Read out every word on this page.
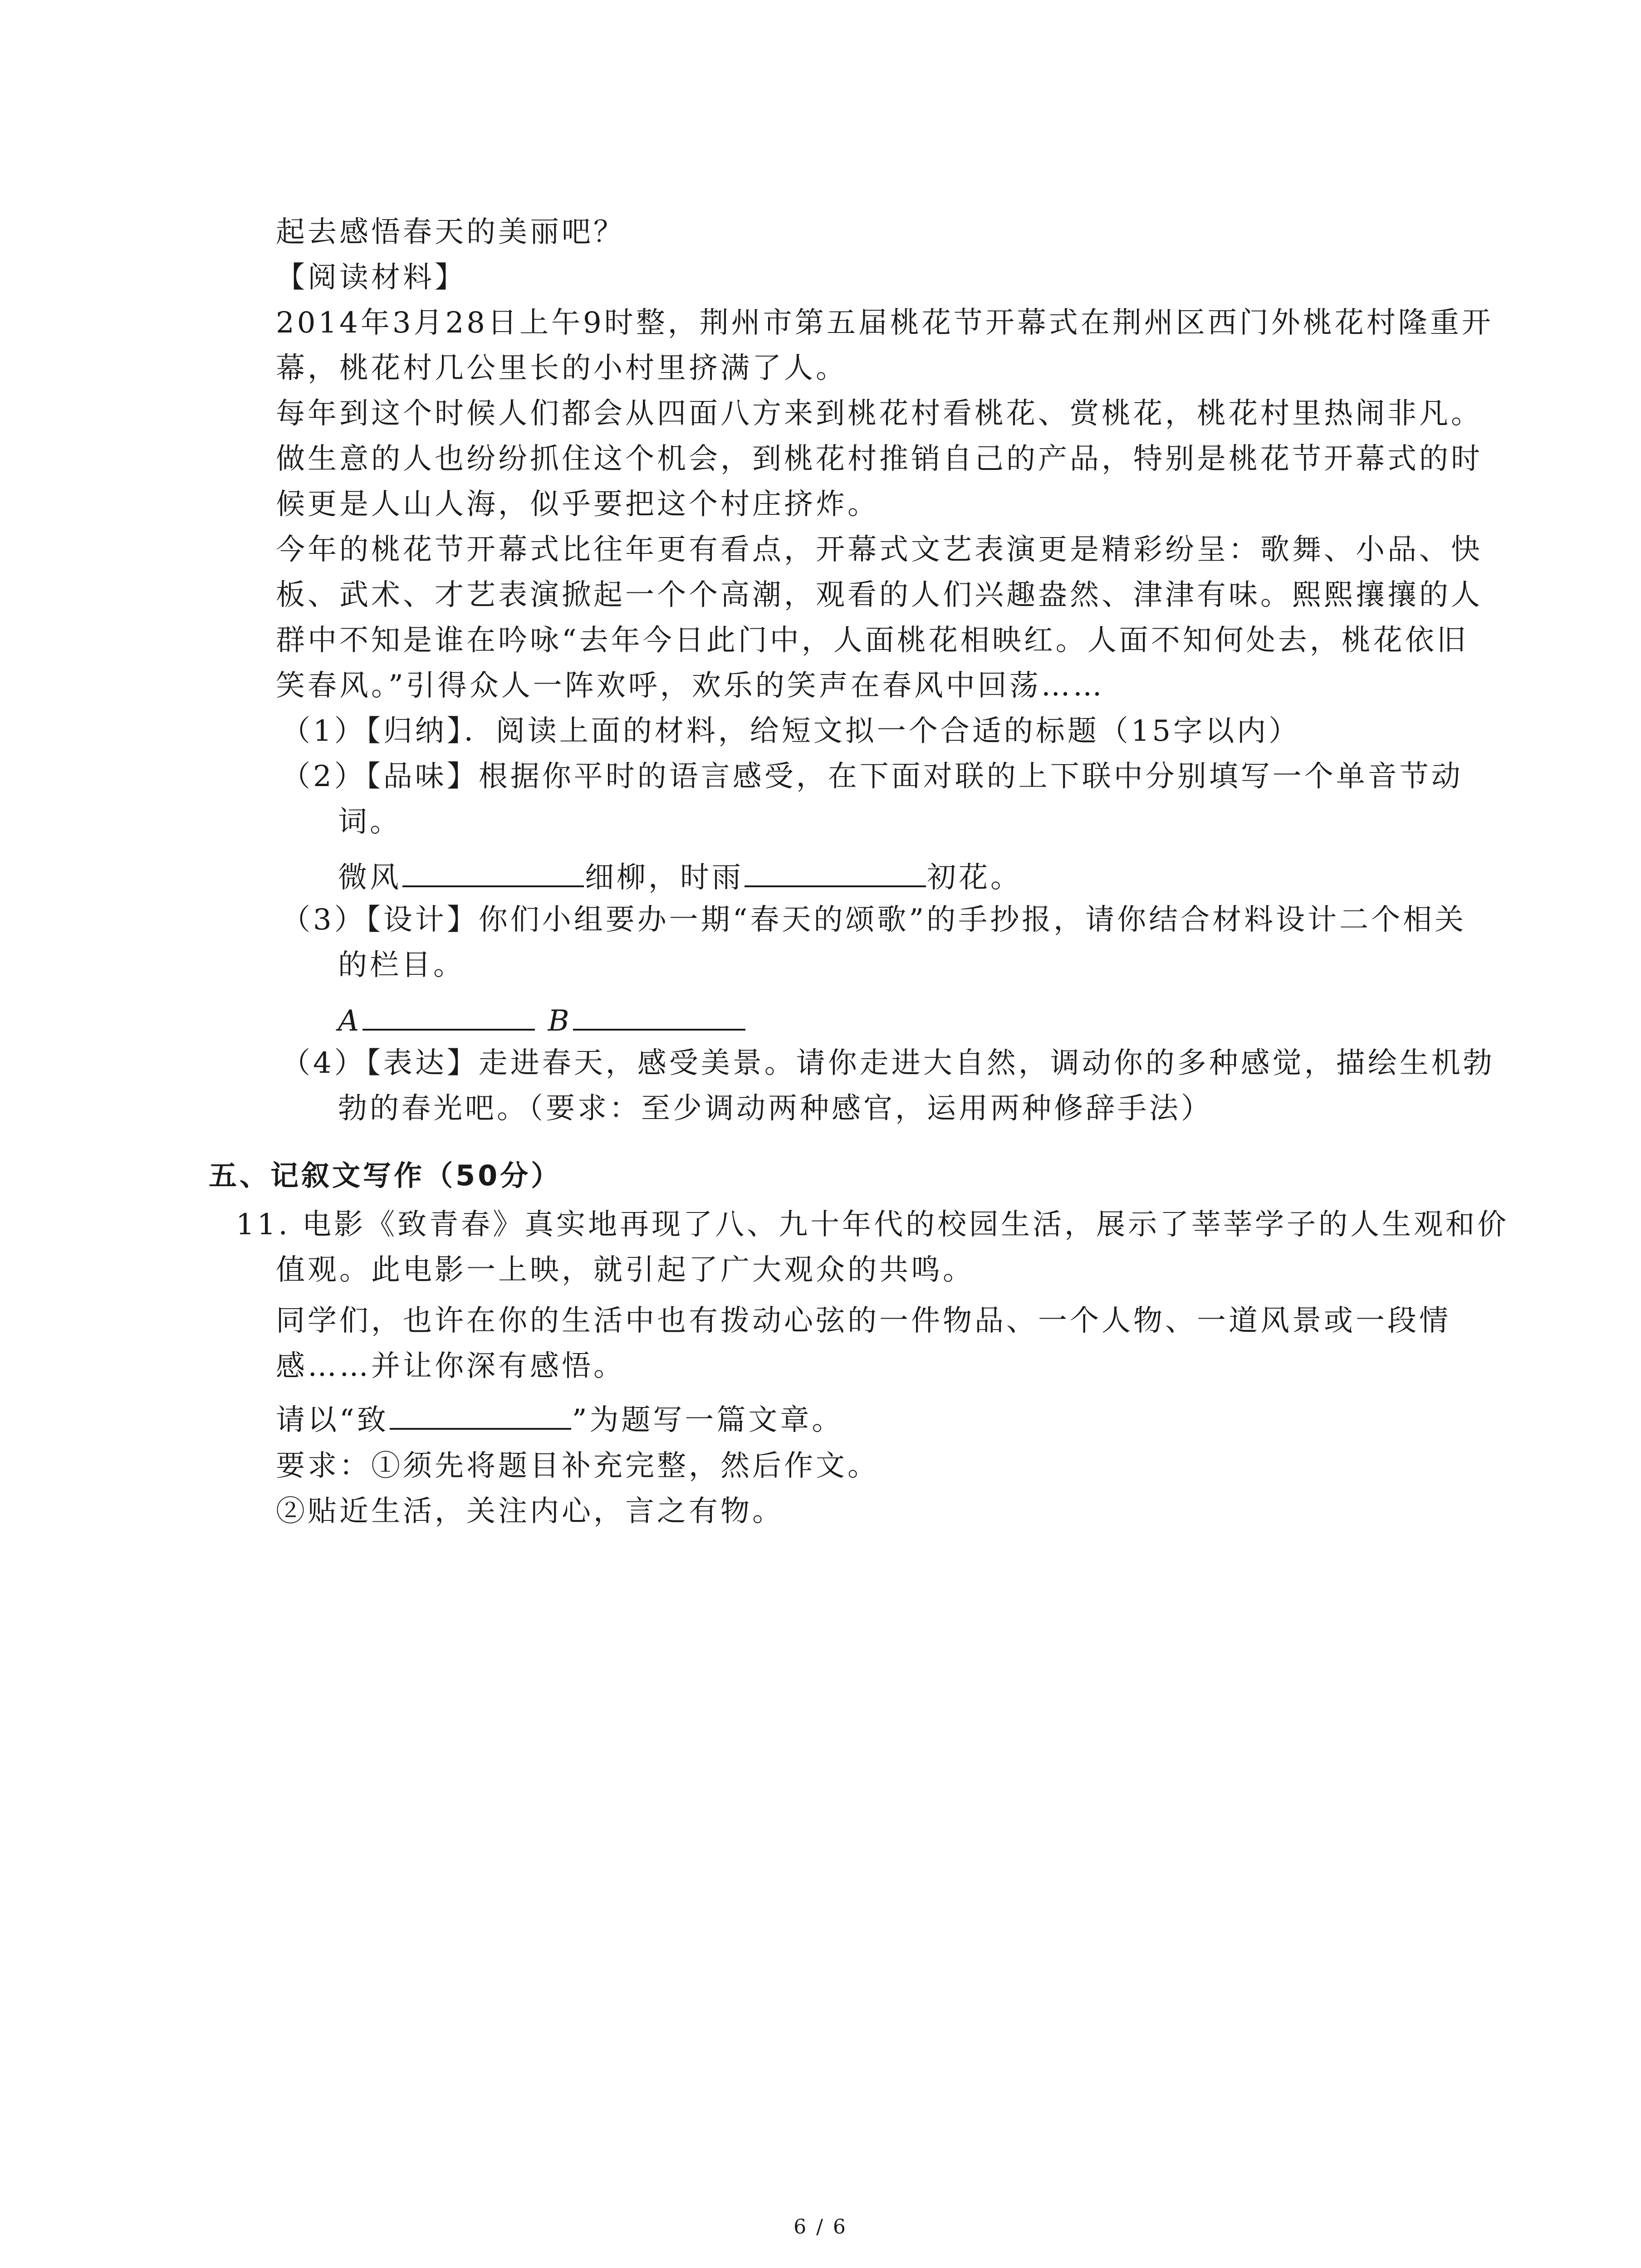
起去感悟春天的美丽吧？
【阅读材料】
2014年3月28日上午9时整，荆州市第五届桃花节开幕式在荆州区西门外桃花村隆重开
幕，桃花村几公里长的小村里挤满了人。
每年到这个时候人们都会从四面八方来到桃花村看桃花、赏桃花，桃花村里热闹非凡。
做生意的人也纷纷抓住这个机会，到桃花村推销自己的产品，特别是桃花节开幕式的时
候更是人山人海，似乎要把这个村庄挤炸。
今年的桃花节开幕式比往年更有看点，开幕式文艺表演更是精彩纷呈：歌舞、小品、快
板、武术、才艺表演掀起一个个高潮，观看的人们兴趣盎然、津津有味。熙熙攘攘的人
群中不知是谁在吟咏“去年今日此门中，人面桃花相映红。人面不知何处去，桃花依旧
笑春风。”引得众人一阵欢呼，欢乐的笑声在春风中回荡……
（1）【归纳】．阅读上面的材料，给短文拟一个合适的标题（15字以内）
（2）【品味】根据你平时的语言感受，在下面对联的上下联中分别填写一个单音节动
词。
微风	细柳，时雨	初花。
（3）【设计】你们小组要办一期“春天的颂歌”的手抄报，请你结合材料设计二个相关
的栏目。
A	B
（4）【表达】走进春天，感受美景。请你走进大自然，调动你的多种感觉，描绘生机勃
勃的春光吧。（要求：至少调动两种感官，运用两种修辞手法）
五、记叙文写作（50分）
11. 电影《致青春》真实地再现了八、九十年代的校园生活，展示了莘莘学子的人生观和价
值观。此电影一上映，就引起了广大观众的共鸣。
同学们，也许在你的生活中也有拨动心弦的一件物品、一个人物、一道风景或一段情
感……并让你深有感悟。
请以“致	”为题写一篇文章。
要求：①须先将题目补充完整，然后作文。
②贴近生活，关注内心，言之有物。
6 / 6
